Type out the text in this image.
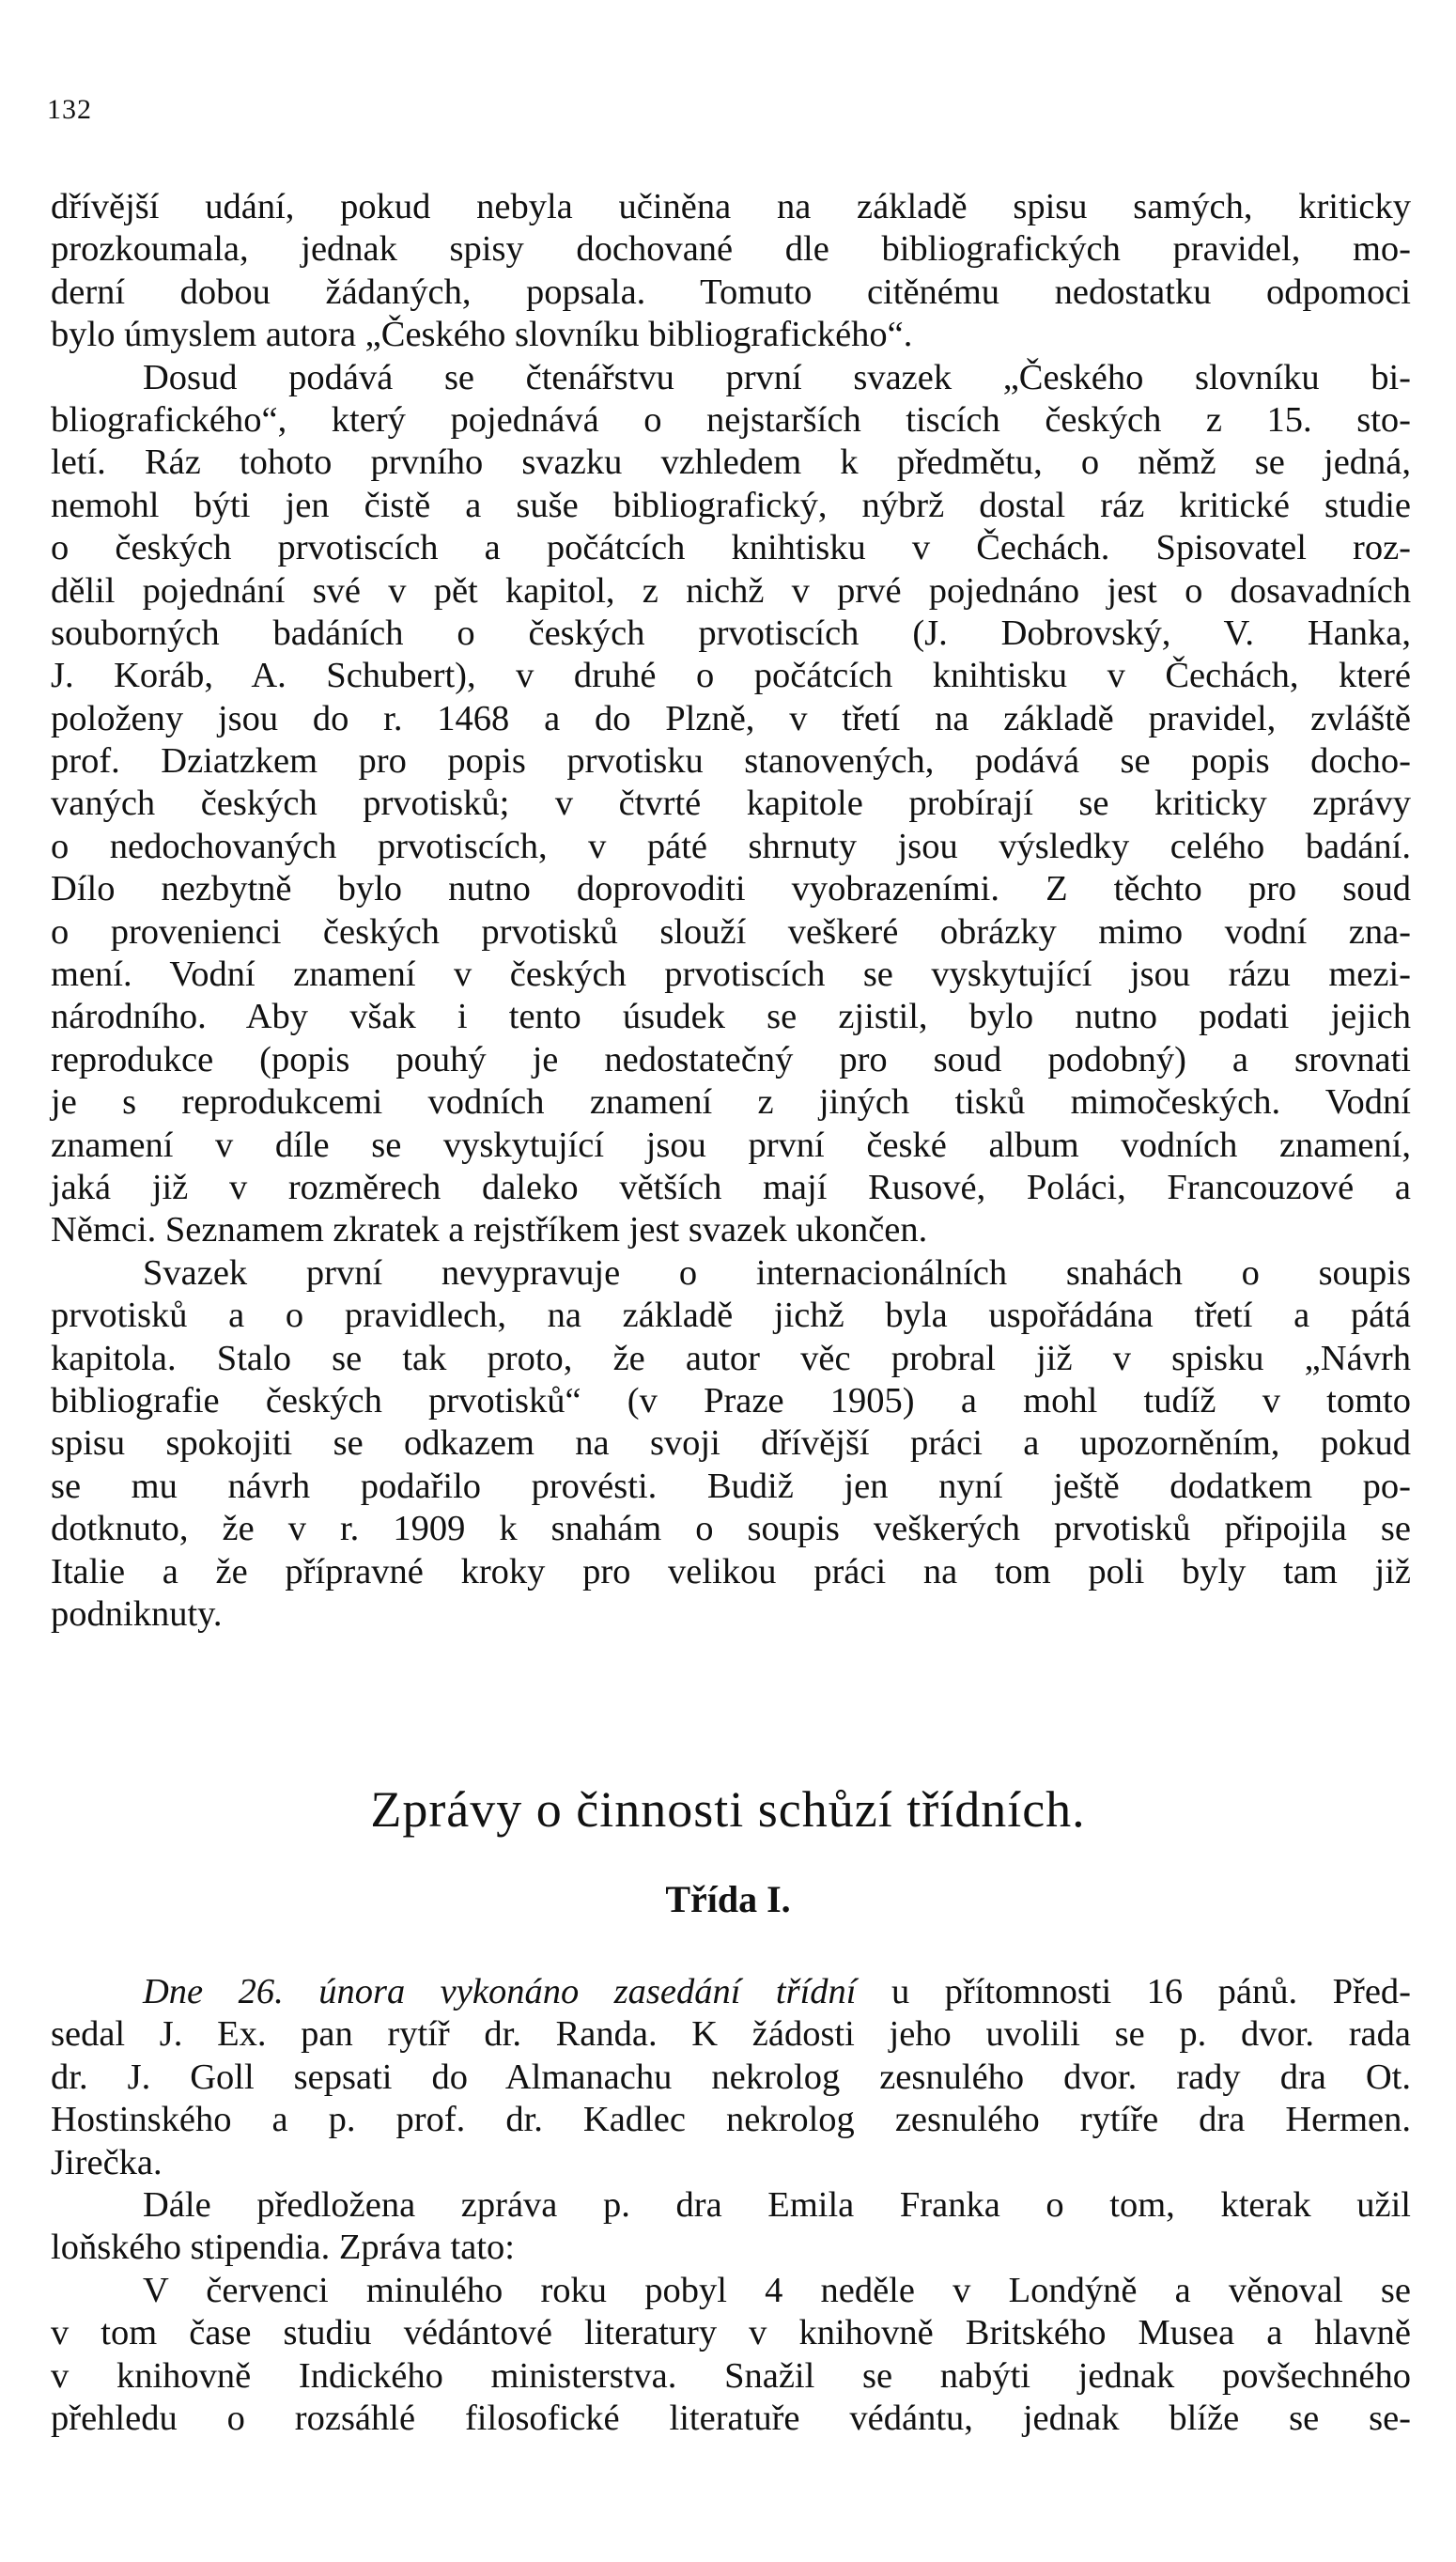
132
dřívější udání, pokud nebyla učiněna na základě spisu samých, kriticky
prozkoumala, jednak spisy dochované dle bibliografických pravidel, mo-
derní dobou žádaných, popsala. Tomuto citěnému nedostatku odpomoci
bylo úmyslem autora „Českého slovníku bibliografického“.
Dosud podává se čtenářstvu první svazek „Českého slovníku bi-
bliografického“, který pojednává o nejstarších tiscích českých z 15. sto-
letí. Ráz tohoto prvního svazku vzhledem k předmětu, o němž se jedná,
nemohl býti jen čistě a suše bibliografický, nýbrž dostal ráz kritické studie
o českých prvotiscích a počátcích knihtisku v Čechách. Spisovatel roz-
dělil pojednání své v pět kapitol, z nichž v prvé pojednáno jest o dosavadních
souborných badáních o českých prvotiscích (J. Dobrovský, V. Hanka,
J. Koráb, A. Schubert), v druhé o počátcích knihtisku v Čechách, které
položeny jsou do r. 1468 a do Plzně, v třetí na základě pravidel, zvláště
prof. Dziatzkem pro popis prvotisku stanovených, podává se popis docho-
vaných českých prvotisků; v čtvrté kapitole probírají se kriticky zprávy
o nedochovaných prvotiscích, v páté shrnuty jsou výsledky celého badání.
Dílo nezbytně bylo nutno doprovoditi vyobrazeními. Z těchto pro soud
o provenienci českých prvotisků slouží veškeré obrázky mimo vodní zna-
mení. Vodní znamení v českých prvotiscích se vyskytující jsou rázu mezi-
národního. Aby však i tento úsudek se zjistil, bylo nutno podati jejich
reprodukce (popis pouhý je nedostatečný pro soud podobný) a srovnati
je s reprodukcemi vodních znamení z jiných tisků mimočeských. Vodní
znamení v díle se vyskytující jsou první české album vodních znamení,
jaká již v rozměrech daleko větších mají Rusové, Poláci, Francouzové a
Němci. Seznamem zkratek a rejstříkem jest svazek ukončen.
Svazek první nevypravuje o internacionálních snahách o soupis
prvotisků a o pravidlech, na základě jichž byla uspořádána třetí a pátá
kapitola. Stalo se tak proto, že autor věc probral již v spisku „Návrh
bibliografie českých prvotisků“ (v Praze 1905) a mohl tudíž v tomto
spisu spokojiti se odkazem na svoji dřívější práci a upozorněním, pokud
se mu návrh podařilo provésti. Budiž jen nyní ještě dodatkem po-
dotknuto, že v r. 1909 k snahám o soupis veškerých prvotisků připojila se
Italie a že přípravné kroky pro velikou práci na tom poli byly tam již
podniknuty.
Zprávy o činnosti schůzí třídních.
Třída I.
Dne 26. února vykonáno zasedání třídní u přítomnosti 16 pánů. Před-
sedal J. Ex. pan rytíř dr. Randa. K žádosti jeho uvolili se p. dvor. rada
dr. J. Goll sepsati do Almanachu nekrolog zesnulého dvor. rady dra Ot.
Hostinského a p. prof. dr. Kadlec nekrolog zesnulého rytíře dra Hermen.
Jirečka.
Dále předložena zpráva p. dra Emila Franka o tom, kterak užil
loňského stipendia. Zpráva tato:
V červenci minulého roku pobyl 4 neděle v Londýně a věnoval se
v tom čase studiu védántové literatury v knihovně Britského Musea a hlavně
v knihovně Indického ministerstva. Snažil se nabýti jednak povšechného
přehledu o rozsáhlé filosofické literatuře védántu, jednak blíže se se-
